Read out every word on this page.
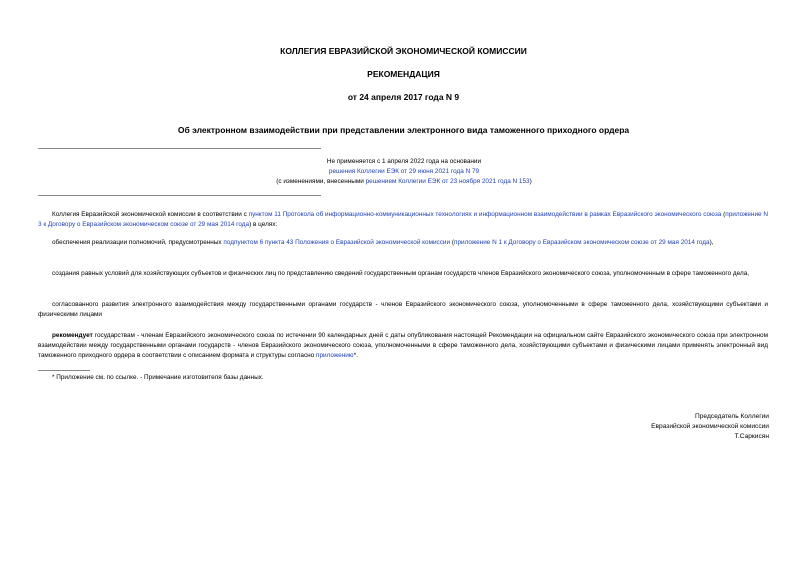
КОЛЛЕГИЯ ЕВРАЗИЙСКОЙ ЭКОНОМИЧЕСКОЙ КОМИССИИ
РЕКОМЕНДАЦИЯ
от 24 апреля 2017 года N 9
Об электронном взаимодействии при представлении электронного вида таможенного приходного ордера
Не применяется с 1 апреля 2022 года на основании
решения Коллегии ЕЭК от 29 июня 2021 года N 79
(с изменениями, внесенными решением Коллегии ЕЭК от 23 ноября 2021 года N 153)
Коллегия Евразийской экономической комиссии в соответствии с пунктом 11 Протокола об информационно-коммуникационных технологиях и информационном взаимодействии в рамках Евразийского экономического союза (приложение N 3 к Договору о Евразийском экономическом союзе от 29 мая 2014 года) в целях:
обеспечения реализации полномочий, предусмотренных подпунктом 6 пункта 43 Положения о Евразийской экономической комиссии (приложение N 1 к Договору о Евразийском экономическом союзе от 29 мая 2014 года),
создания равных условий для хозяйствующих субъектов и физических лиц по представлению сведений государственным органам государств членов Евразийского экономического союза, уполномоченным в сфере таможенного дела,
согласованного развития электронного взаимодействия между государственными органами государств - членов Евразийского экономического союза, уполномоченными в сфере таможенного дела, хозяйствующими субъектами и физическими лицами
рекомендует государствам - членам Евразийского экономического союза по истечении 90 календарных дней с даты опубликования настоящей Рекомендации на официальном сайте Евразийского экономического союза при электронном взаимодействии между государственными органами государств - членов Евразийского экономического союза, уполномоченными в сфере таможенного дела, хозяйствующими субъектами и физическими лицами применять электронный вид таможенного приходного ордера в соответствии с описанием формата и структуры согласно приложению*.
* Приложение см. по ссылке. - Примечание изготовителя базы данных.
Председатель Коллегии
Евразийской экономической комиссии
Т.Саркисян
